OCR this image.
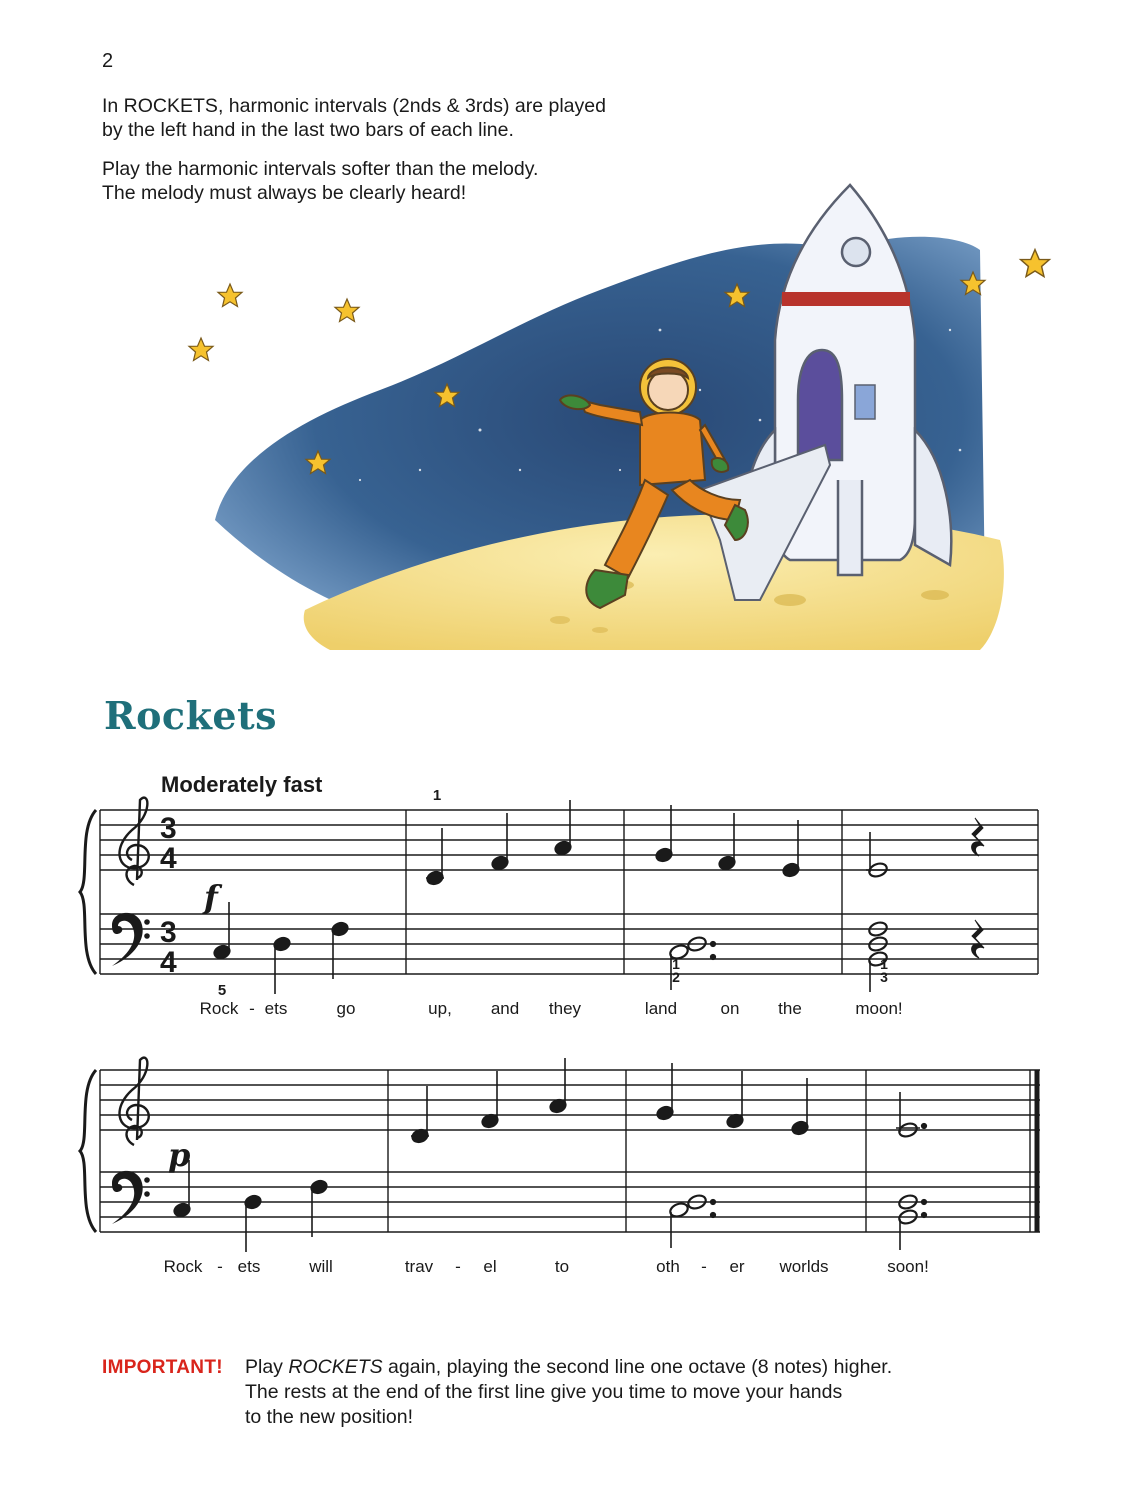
2
In ROCKETS, harmonic intervals (2nds & 3rds) are played
by the left hand in the last two bars of each line.
Play the harmonic intervals softer than the melody.
The melody must always be clearly heard!
Rockets
Moderately fast
3
4
3
4
f
p
1
5
1
2
1
3
Rock - ets	go	up, and they	land	on the	moon!
Rock - ets	will	trav - el	to	oth - er worlds	soon!
IMPORTANT! Play ROCKETS again, playing the second line one octave (8 notes) higher.
The rests at the end of the first line give you time to move your hands
to the new position!
